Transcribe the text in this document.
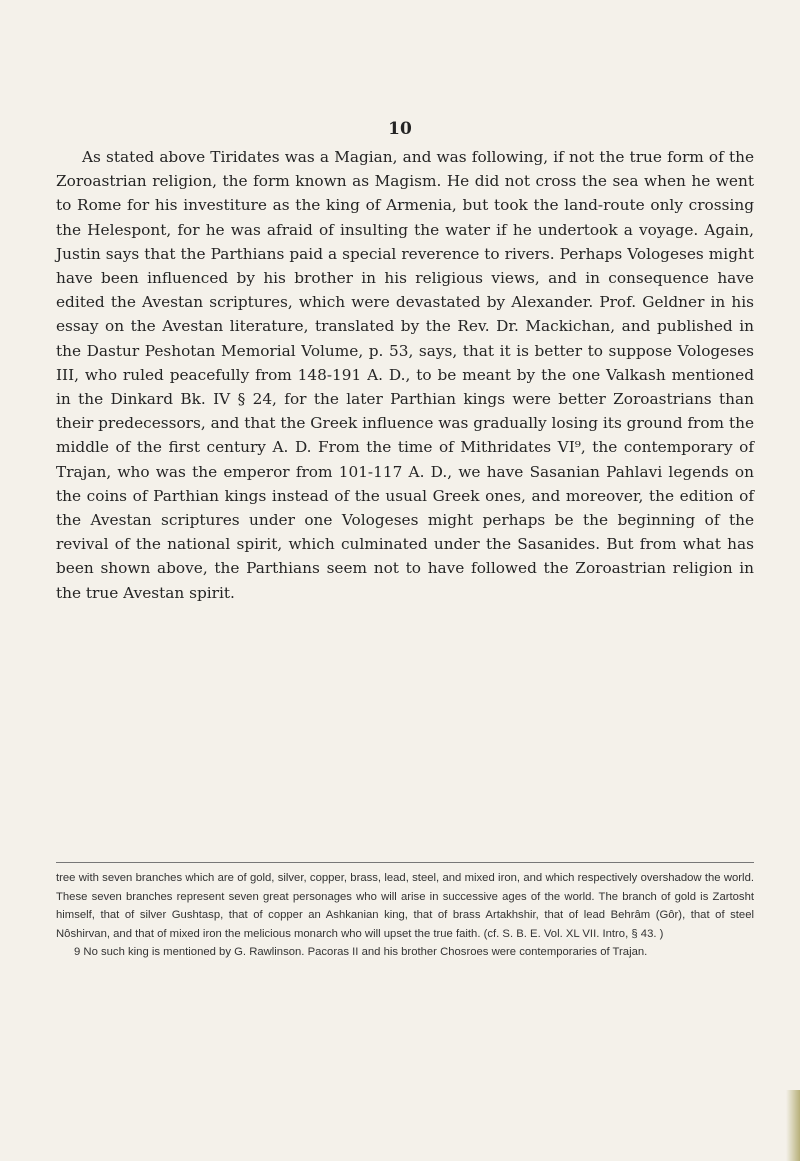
10

As stated above Tiridates was a Magian, and was following, if not the true form of the Zoroastrian religion, the form known as Magism. He did not cross the sea when he went to Rome for his investiture as the king of Armenia, but took the land-route only crossing the Helespont, for he was afraid of insulting the water if he undertook a voyage. Again, Justin says that the Parthians paid a special reverence to rivers. Perhaps Vologeses might have been influenced by his brother in his religious views, and in consequence have edited the Avestan scriptures, which were devastated by Alexander. Prof. Geldner in his essay on the Avestan literature, translated by the Rev. Dr. Mackichan, and published in the Dastur Peshotan Memorial Volume, p. 53, says, that it is better to suppose Vologeses III, who ruled peacefully from 148-191 A. D., to be meant by the one Valkash mentioned in the Dinkard Bk. IV § 24, for the later Parthian kings were better Zoroastrians than their predecessors, and that the Greek influence was gradually losing its ground from the middle of the first century A. D. From the time of Mithridates VI⁹, the contemporary of Trajan, who was the emperor from 101-117 A. D., we have Sasanian Pahlavi legends on the coins of Parthian kings instead of the usual Greek ones, and moreover, the edition of the Avestan scriptures under one Vologeses might perhaps be the beginning of the revival of the national spirit, which culminated under the Sasanides. But from what has been shown above, the Parthians seem not to have followed the Zoroastrian religion in the true Avestan spirit.

tree with seven branches which are of gold, silver, copper, brass, lead, steel, and mixed iron, and which respectively overshadow the world. These seven branches represent seven great personages who will arise in successive ages of the world. The branch of gold is Zartosht himself, that of silver Gushtasp, that of copper an Ashkanian king, that of brass Artakhshir, that of lead Behrâm (Gôr), that of steel Nôshirvan, and that of mixed iron the melicious monarch who will upset the true faith. (cf. S. B. E. Vol. XL VII. Intro, § 43. )

9 No such king is mentioned by G. Rawlinson. Pacoras II and his brother Chosroes were contemporaries of Trajan.
